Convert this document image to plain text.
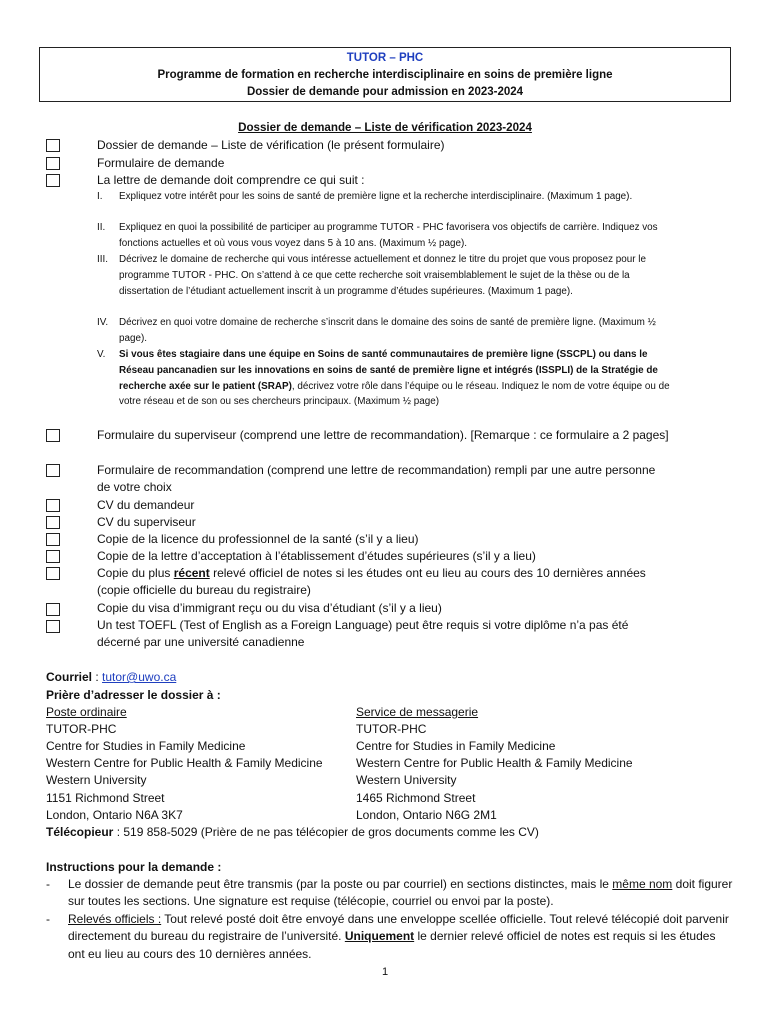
TUTOR – PHC
Programme de formation en recherche interdisciplinaire en soins de première ligne
Dossier de demande pour admission en 2023-2024
Dossier de demande – Liste de vérification 2023-2024
Dossier de demande – Liste de vérification (le présent formulaire)
Formulaire de demande
La lettre de demande doit comprendre ce qui suit :
I. Expliquez votre intérêt pour les soins de santé de première ligne et la recherche interdisciplinaire. (Maximum 1 page).
II. Expliquez en quoi la possibilité de participer au programme TUTOR - PHC favorisera vos objectifs de carrière. Indiquez vos fonctions actuelles et où vous vous voyez dans 5 à 10 ans. (Maximum ½ page).
III. Décrivez le domaine de recherche qui vous intéresse actuellement et donnez le titre du projet que vous proposez pour le programme TUTOR - PHC. On s’attend à ce que cette recherche soit vraisemblablement le sujet de la thèse ou de la dissertation de l’étudiant actuellement inscrit à un programme d’études supérieures. (Maximum 1 page).
IV. Décrivez en quoi votre domaine de recherche s’inscrit dans le domaine des soins de santé de première ligne. (Maximum ½ page).
V. Si vous êtes stagiaire dans une équipe en Soins de santé communautaires de première ligne (SSCPL) ou dans le Réseau pancanadien sur les innovations en soins de santé de première ligne et intégrés (ISSPLI) de la Stratégie de recherche axée sur le patient (SRAP), décrivez votre rôle dans l’équipe ou le réseau. Indiquez le nom de votre équipe ou de votre réseau et de son ou ses chercheurs principaux. (Maximum ½ page)
Formulaire du superviseur (comprend une lettre de recommandation). [Remarque : ce formulaire a 2 pages]
Formulaire de recommandation (comprend une lettre de recommandation) rempli par une autre personne de votre choix
CV du demandeur
CV du superviseur
Copie de la licence du professionnel de la santé (s’il y a lieu)
Copie de la lettre d’acceptation à l’établissement d’études supérieures (s’il y a lieu)
Copie du plus récent relevé officiel de notes si les études ont eu lieu au cours des 10 dernières années (copie officielle du bureau du registraire)
Copie du visa d’immigrant reçu ou du visa d’étudiant (s’il y a lieu)
Un test TOEFL (Test of English as a Foreign Language) peut être requis si votre diplôme n’a pas été décerné par une université canadienne
Courriel : tutor@uwo.ca
Prière d’adresser le dossier à :
Poste ordinaire	Service de messagerie
TUTOR-PHC
Centre for Studies in Family Medicine
Western Centre for Public Health & Family Medicine
Western University
1151 Richmond Street
London, Ontario N6A 3K7
TUTOR-PHC
Centre for Studies in Family Medicine
Western Centre for Public Health & Family Medicine
Western University
1465 Richmond Street
London, Ontario N6G 2M1
Télécopieur : 519 858-5029 (Prière de ne pas télécopier de gros documents comme les CV)
Instructions pour la demande :
- Le dossier de demande peut être transmis (par la poste ou par courriel) en sections distinctes, mais le même nom doit figurer sur toutes les sections. Une signature est requise (télécopie, courriel ou envoi par la poste).
- Relevés officiels : Tout relevé posté doit être envoyé dans une enveloppe scellée officielle. Tout relevé télécopié doit parvenir directement du bureau du registraire de l’université. Uniquement le dernier relevé officiel de notes est requis si les études ont eu lieu au cours des 10 dernières années.
1
